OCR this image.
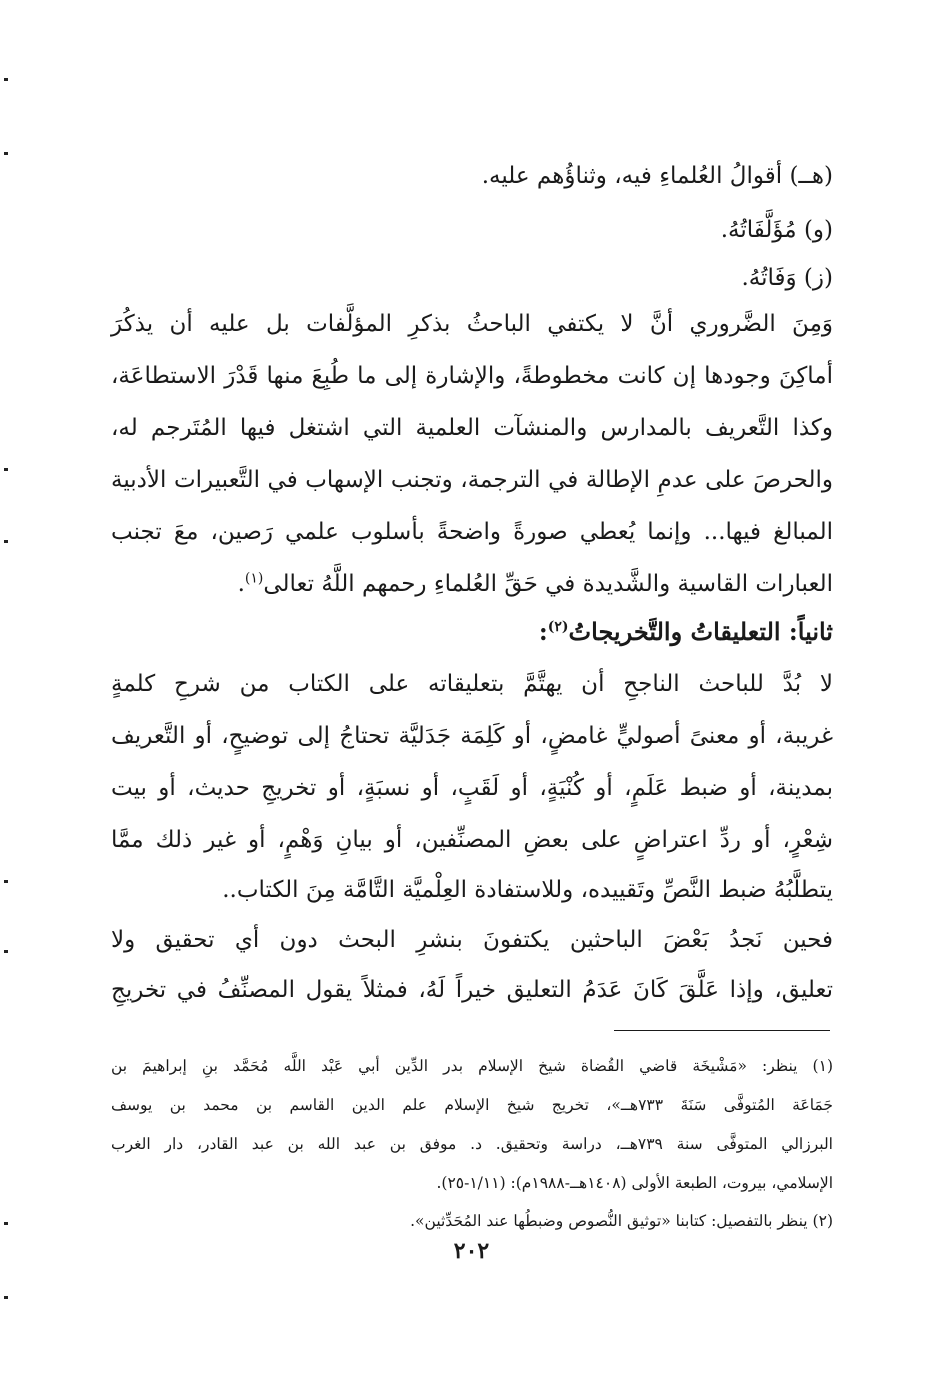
(هــ) أقوالُ العُلماءِ فيه، وثناؤُهم عليه.
(و) مُؤَلَّفَاتُهُ.
(ز) وَفَاتُهُ.
وَمِنَ الضَّروري أنَّ لا يكتفي الباحثُ بذكرِ المؤلَّفات بل عليه أن يذكُرَ
أماكِنَ وجودها إن كانت مخطوطةً، والإشارة إلى ما طُبِعَ منها قَدْرَ الاستطاعَة،
وكذا التَّعريف بالمدارس والمنشآت العلمية التي اشتغل فيها المُتَرجم له،
والحرصَ على عدمِ الإطالة في الترجمة، وتجنب الإسهاب في التَّعبيرات الأدبية
المبالغ فيها... وإنما يُعطي صورةً واضحةً بأسلوب علمي رَصين، معَ تجنب
العبارات القاسية والشَّديدة في حَقِّ العُلماءِ رحمهم اللَّهُ تعالى$^{(١)}$.
ثانياً: التعليقاتُ والتَّخريجاتُ$^{(٢)}$:
لا بُدَّ للباحث الناجحِ أن يهتَّمَّ بتعليقاته على الكتاب من شرحِ كلمةٍ
غريبة، أو معنىً أصوليٍّ غامضٍ، أو كَلِمَة جَدَليَّة تحتاجُ إلى توضيحٍ، أو التَّعريف
بمدينة، أو ضبط عَلَمٍ، أو كُنْيَةٍ، أو لَقَبٍ، أو نسبَةٍ، أو تخريجِ حديث، أو بيت
شِعْرٍ، أو ردِّ اعتراضٍ على بعضِ المصنِّفين، أو بيانِ وَهْمٍ، أو غير ذلك ممَّا
يتطلَّبُهُ ضبط النَّصِّ وتَقييده، وللاستفادة العِلْميَّة التَّامَّة مِنَ الكتاب..
فحين نَجدُ بَعْضَ الباحثين يكتفونَ بنشرِ البحث دون أي تحقيق ولا
تعليق، وإذا عَلَّقَ كَانَ عَدَمُ التعليق خيراً لَهُ، فمثلاً يقول المصنِّفُ في تخريجِ
(١) ينظر: «مَشْيخَة قاضي القُضاة شيخ الإسلام بدر الدِّين أبي عَبْد اللَّه مُحَمَّد بنِ إبراهيمَ بن
جَمَاعَة المُتوفَّى سَنَةَ ٧٣٣هــ»، تخريج شيخ الإسلام علم الدين القاسم بن محمد بن يوسف
البرزالي المتوفَّى سنة ٧٣٩هــ، دراسة وتحقيق. د. موفق بن عبد الله بن عبد القادر، دار الغرب
الإسلامي، بيروت، الطبعة الأولى (١٤٠٨هــ-١٩٨٨م): (١/١١-٢٥).
(٢) ينظر بالتفصيل: كتابنا «توثيق النُّصوص وضبطُها عند المُحَدِّثين».
٢٠٢
